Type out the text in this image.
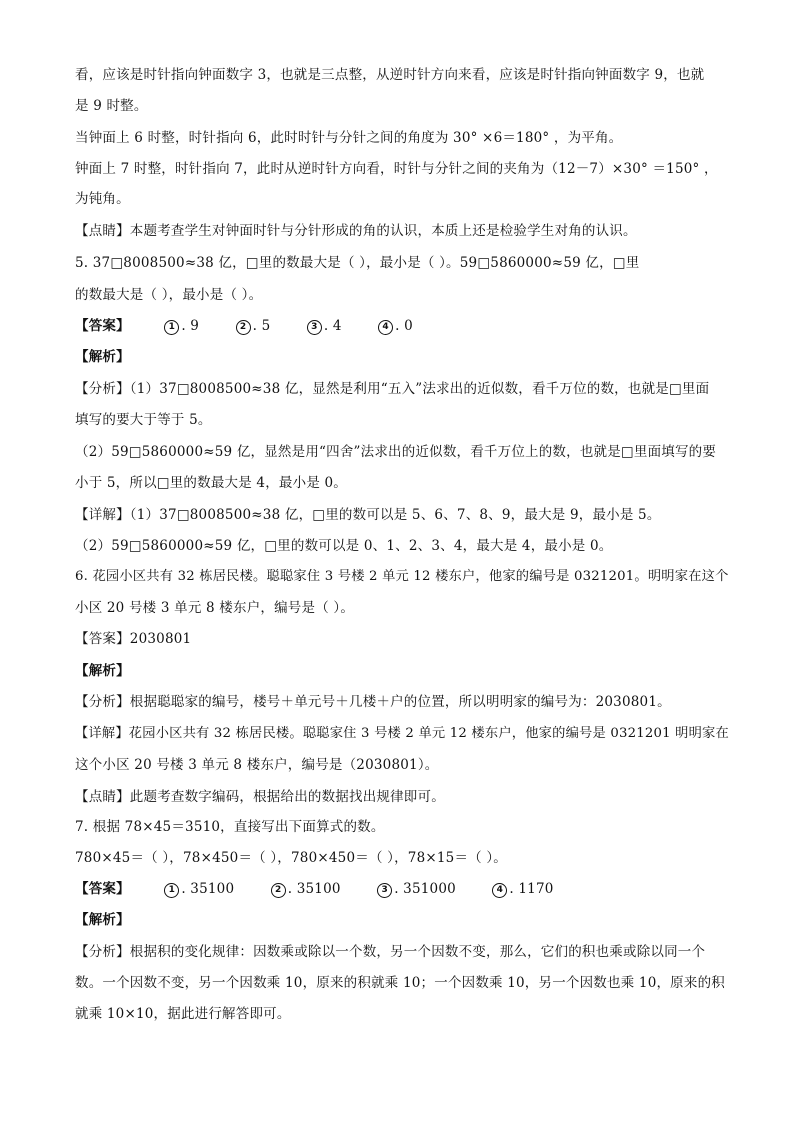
看，应该是时针指向钟面数字 3，也就是三点整，从逆时针方向来看，应该是时针指向钟面数字 9，也就
是 9 时整。
当钟面上 6 时整，时针指向 6，此时时针与分针之间的角度为 30° ×6＝180° ，为平角。
钟面上 7 时整，时针指向 7，此时从逆时针方向看，时针与分针之间的夹角为（12－7）×30° ＝150° ，
为钝角。
【点睛】本题考查学生对钟面时针与分针形成的角的认识，本质上还是检验学生对角的认识。
5. 37□8008500≈38 亿，□里的数最大是（ ），最小是（ ）。59□5860000≈59 亿，□里
的数最大是（ ），最小是（ ）。
【答案】	1 . 9	2 . 5	3 . 4	4 . 0
【解析】
【分析】（1）37□8008500≈38 亿，显然是利用“五入”法求出的近似数，看千万位的数，也就是□里面
填写的要大于等于 5。
（2）59□5860000≈59 亿，显然是用“四舍”法求出的近似数，看千万位上的数，也就是□里面填写的要
小于 5，所以□里的数最大是 4，最小是 0。
【详解】（1）37□8008500≈38 亿，□里的数可以是 5、6、7、8、9，最大是 9，最小是 5。
（2）59□5860000≈59 亿，□里的数可以是 0、1、2、3、4，最大是 4，最小是 0。
6. 花园小区共有 32 栋居民楼。聪聪家住 3 号楼 2 单元 12 楼东户，他家的编号是 0321201。明明家在这个
小区 20 号楼 3 单元 8 楼东户，编号是（ ）。
【答案】2030801
【解析】
【分析】根据聪聪家的编号，楼号＋单元号＋几楼＋户的位置，所以明明家的编号为：2030801。
【详解】花园小区共有 32 栋居民楼。聪聪家住 3 号楼 2 单元 12 楼东户，他家的编号是 0321201 明明家在
这个小区 20 号楼 3 单元 8 楼东户，编号是（2030801）。
【点睛】此题考查数字编码，根据给出的数据找出规律即可。
7. 根据 78×45＝3510，直接写出下面算式的数。
780×45＝（ ），78×450＝（ ），780×450＝（ ），78×15＝（ ）。
【答案】	1 . 35100	2 . 35100	3 . 351000	4 . 1170
【解析】
【分析】根据积的变化规律：因数乘或除以一个数，另一个因数不变，那么，它们的积也乘或除以同一个
数。一个因数不变，另一个因数乘 10，原来的积就乘 10；一个因数乘 10，另一个因数也乘 10，原来的积
就乘 10×10，据此进行解答即可。
